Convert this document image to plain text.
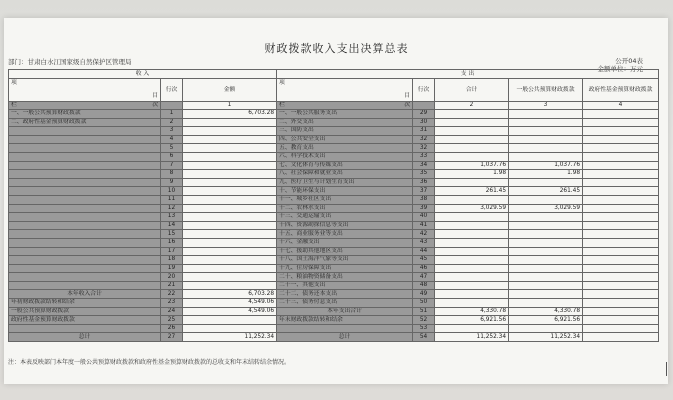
财政拨款收入支出决算总表
部门：甘肃白水江国家级自然保护区管理局	公开04表
金额单位：万元
收 入			支 出				

项
目	行次	金额	项
目	行次	合计	一般公共预算财政拨款	政府性基金预算财政拨款

栏 次		1	栏 次		2	3	4
一、一般公共预算财政拨款	1	6,703.28	一、一般公共服务支出	29			
二、政府性基金预算财政拨款	2		二、外交支出	30			
	3		三、国防支出	31			
	4		四、公共安全支出	32			
	5		五、教育支出	32			
	6		六、科学技术支出	33			
	7		七、文化体育与传媒支出	34	1,037.76	1,037.76	
	8		八、社会保障和就业支出	35	1.98	1.98	
	9		九、医疗卫生与计划生育支出	36			
	10		十、节能环保支出	37	261.45	261.45	
	11		十一、城乡社区支出	38			
	12		十二、农林水支出	39	3,029.59	3,029.59	
	13		十三、交通运输支出	40			
	14		十四、资源勘探信息等支出	41			
	15		十五、商业服务业等支出	42			
	16		十六、金融支出	43			
	17		十七、援助其他地区支出	44			
	18		十八、国土海洋气象等支出	45			
	19		十九、住房保障支出	46			
	20		二十、粮油物资储备支出	47			
	21		二十一、其他支出	48			
本年收入合计	22	6,703.28	二十二、债务还本支出	49			
年初财政拨款结转和结余	23	4,549.06	二十三、债务付息支出	50			
一般公共预算财政拨款	24	4,549.06	本年支出合计	51	4,330.78	4,330.78	
政府性基金预算财政拨款	25		年末财政拨款结转和结余	52	6,921.56	6,921.56	
	26			53			
总计	27	11,252.34	总计	54	11,252.34	11,252.34	
注：本表反映部门本年度一般公共预算财政拨款和政府性基金预算财政拨款的总收支和年末结转结余情况。
